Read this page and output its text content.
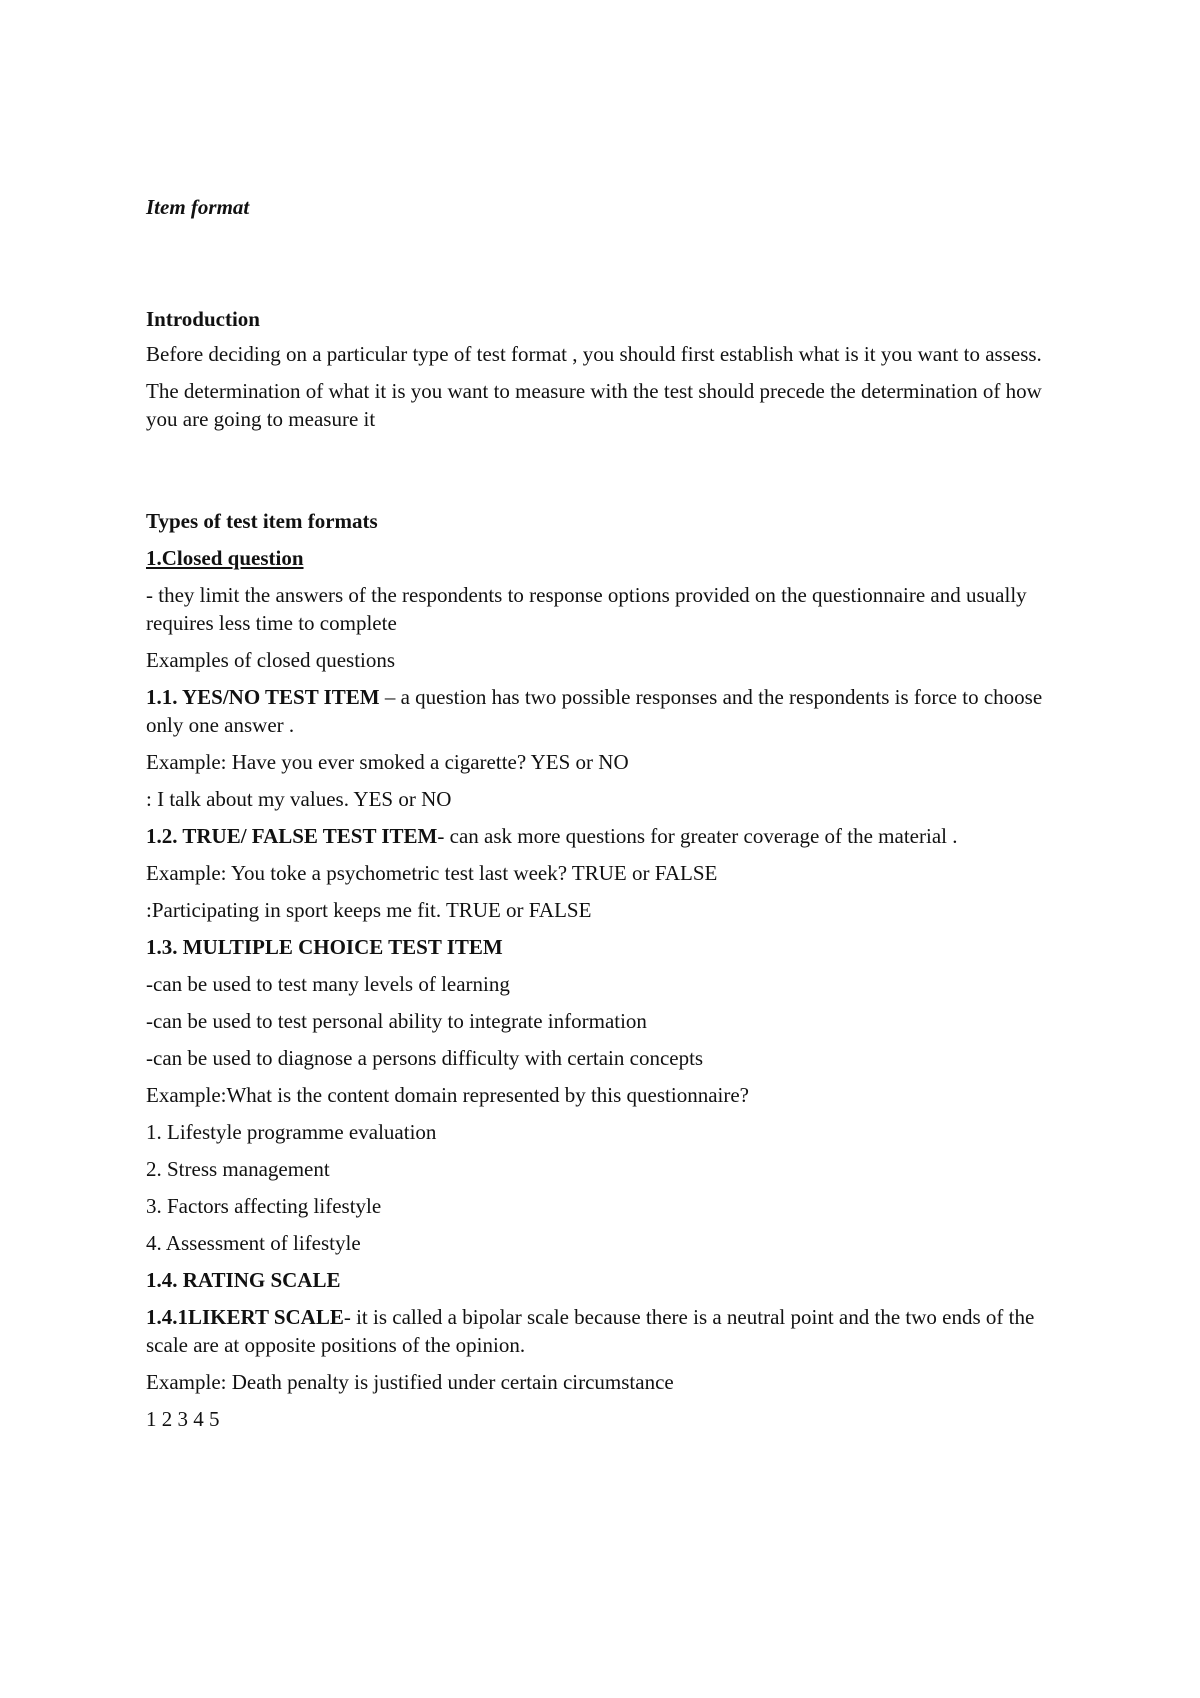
Item format

Introduction

Before deciding on a particular type of test format , you should first establish what is it you want to assess.

The determination of what it is you want to measure with the test should precede the determination of how you are going to measure it

Types of test item formats

1.Closed question

- they limit the answers of the respondents to response options provided on the questionnaire and usually requires less time to complete

Examples of closed questions

1.1. YES/NO TEST ITEM – a question has two possible responses and the respondents is force to choose only one answer .

Example: Have you ever smoked a cigarette? YES or NO

: I talk about my values. YES or NO

1.2. TRUE/ FALSE TEST ITEM- can ask more questions for greater coverage of the material .

Example: You toke a psychometric test last week? TRUE or FALSE

:Participating in sport keeps me fit. TRUE or FALSE

1.3. MULTIPLE CHOICE TEST ITEM

-can be used to test many levels of learning

-can be used to test personal ability to integrate information

-can be used to diagnose a persons difficulty with certain concepts

Example:What is the content domain represented by this questionnaire?

1. Lifestyle programme evaluation

2. Stress management

3. Factors affecting lifestyle

4. Assessment of lifestyle

1.4. RATING SCALE

1.4.1LIKERT SCALE- it is called a bipolar scale because there is a neutral point and the two ends of the scale are at opposite positions of the opinion.

Example: Death penalty is justified under certain circumstance

1 2 3 4 5
